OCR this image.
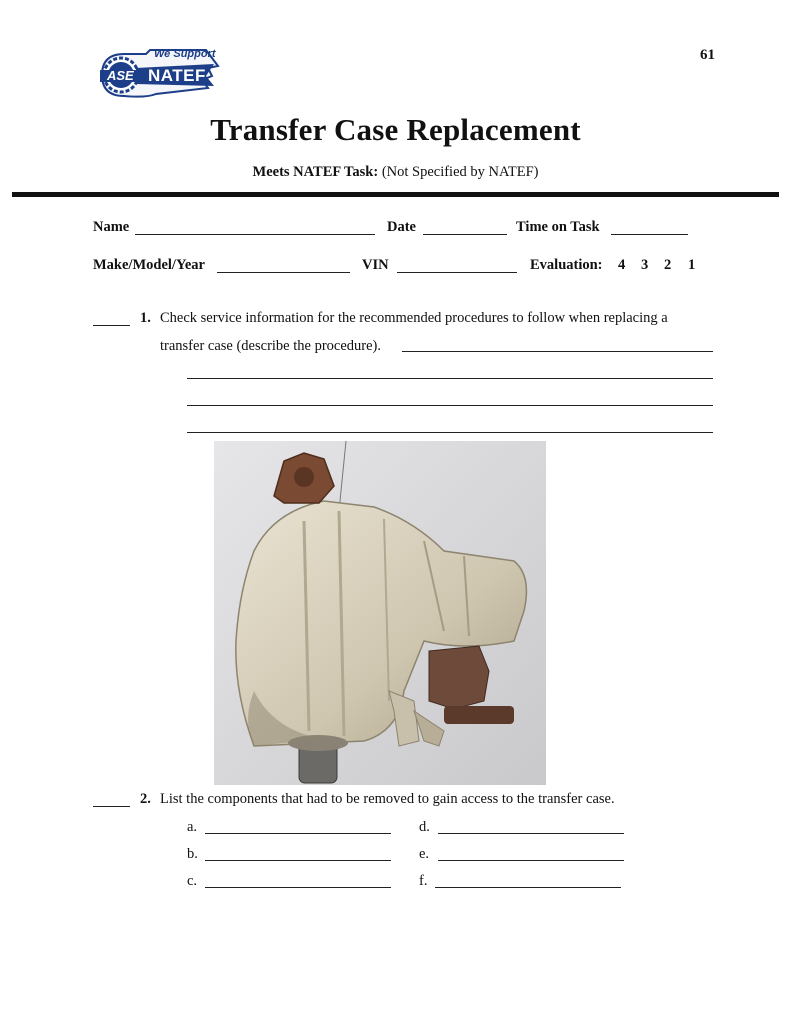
We Support
ASE NATEF
61
Transfer Case Replacement
Meets NATEF Task: (Not Specified by NATEF)
Name	Date	Time on Task
Make/Model/Year	VIN	Evaluation: 4 3 2 1
1. Check service information for the recommended procedures to follow when replacing a
transfer case (describe the procedure).
2. List the components that had to be removed to gain access to the transfer case.
a.
b.
c.
d.
e.
f.
